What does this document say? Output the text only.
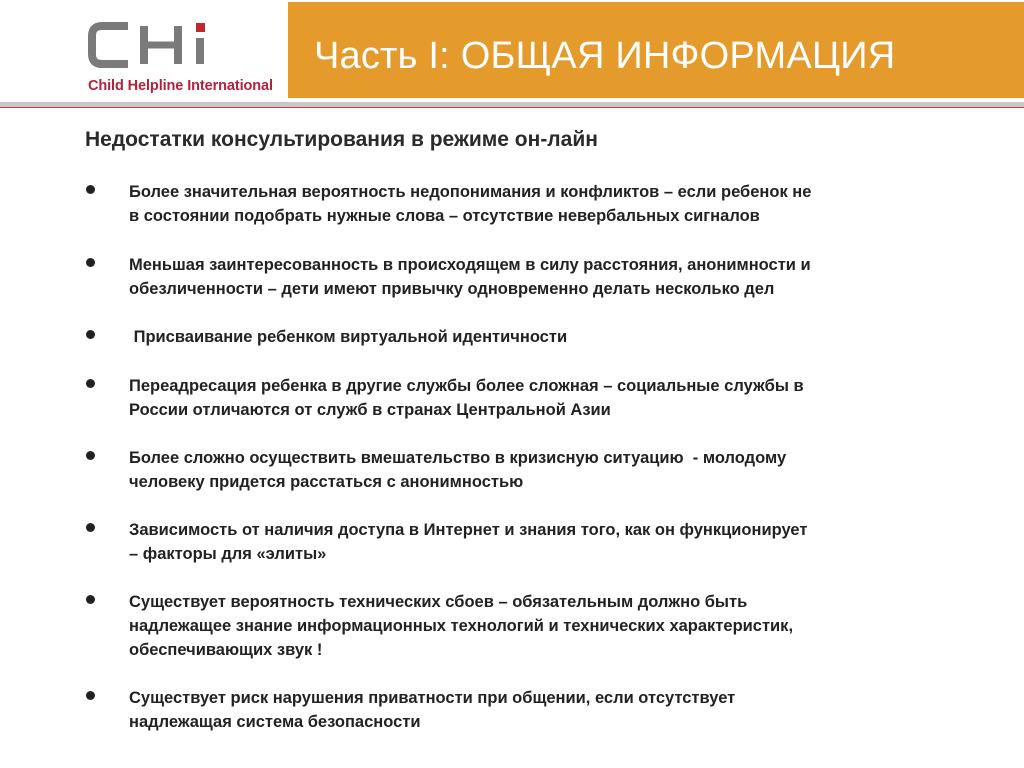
Child Helpline International
Часть I: ОБЩАЯ ИНФОРМАЦИЯ
Недостатки консультирования в режиме он-лайн
Более значительная вероятность недопонимания и конфликтов – если ребенок не
в состоянии подобрать нужные слова – отсутствие невербальных сигналов
Меньшая заинтересованность в происходящем в силу расстояния, анонимности и
обезличенности – дети имеют привычку одновременно делать несколько дел
Присваивание ребенком виртуальной идентичности
Переадресация ребенка в другие службы более сложная – социальные службы в
России отличаются от служб в странах Центральной Азии
Более сложно осуществить вмешательство в кризисную ситуацию  - молодому
человеку придется расстаться с анонимностью
Зависимость от наличия доступа в Интернет и знания того, как он функционирует
– факторы для «элиты»
Существует вероятность технических сбоев – обязательным должно быть
надлежащее знание информационных технологий и технических характеристик,
обеспечивающих звук !
Существует риск нарушения приватности при общении, если отсутствует
надлежащая система безопасности
